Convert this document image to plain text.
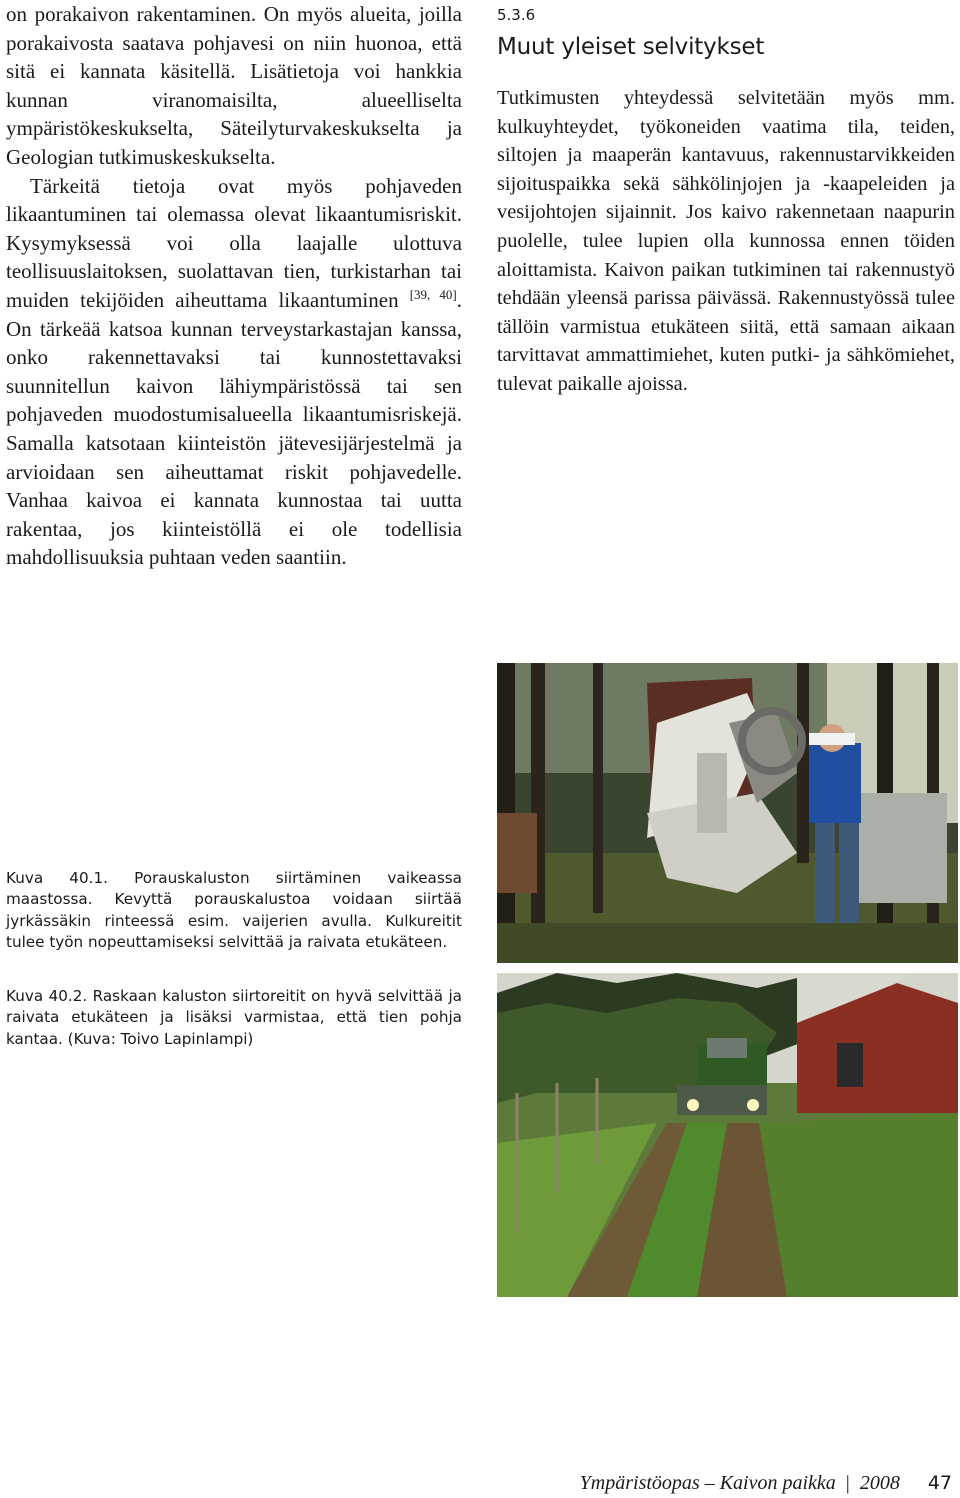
on porakaivon rakentaminen. On myös alueita, joilla porakaivosta saatava pohjavesi on niin huonoa, että sitä ei kannata käsitellä. Lisätietoja voi hankkia kunnan viranomaisilta, alueelliselta ympäristökeskukselta, Säteilyturvakeskukselta ja Geologian tutkimuskeskukselta.

Tärkeitä tietoja ovat myös pohjaveden likaantuminen tai olemassa olevat likaantumisriskit. Kysymyksessä voi olla laajalle ulottuva teollisuuslaitoksen, suolattavan tien, turkistarhan tai muiden tekijöiden aiheuttama likaantuminen [39, 40]. On tärkeää katsoa kunnan terveystarkastajan kanssa, onko rakennettavaksi tai kunnostettavaksi suunnitellun kaivon lähiympäristössä tai sen pohjaveden muodostumisalueella likaantumisriskejä. Samalla katsotaan kiinteistön jätevesijärjestelmä ja arvioidaan sen aiheuttamat riskit pohjavedelle. Vanhaa kaivoa ei kannata kunnostaa tai uutta rakentaa, jos kiinteistöllä ei ole todellisia mahdollisuuksia puhtaan veden saantiin.

5.3.6
Muut yleiset selvitykset

Tutkimusten yhteydessä selvitetään myös mm. kulkuyhteydet, työkoneiden vaatima tila, teiden, siltojen ja maaperän kantavuus, rakennustarvikkeiden sijoituspaikka sekä sähkölinjojen ja -kaapeleiden ja vesijohtojen sijainnit. Jos kaivo rakennetaan naapurin puolelle, tulee lupien olla kunnossa ennen töiden aloittamista. Kaivon paikan tutkiminen tai rakennustyö tehdään yleensä parissa päivässä. Rakennustyössä tulee tällöin varmistua etukäteen siitä, että samaan aikaan tarvittavat ammattimiehet, kuten putki- ja sähkömiehet, tulevat paikalle ajoissa.

Kuva 40.1. Porauskaluston siirtäminen vaikeassa maastossa. Kevyttä porauskalustoa voidaan siirtää jyrkässäkin rinteessä esim. vaijerien avulla. Kulkureitit tulee työn nopeuttamiseksi selvittää ja raivata etukäteen.

Kuva 40.2. Raskaan kaluston siirtoreitit on hyvä selvittää ja raivata etukäteen ja lisäksi varmistaa, että tien pohja kantaa. (Kuva: Toivo Lapinlampi)

Ympäristöopas – Kaivon paikka | 2008 47
